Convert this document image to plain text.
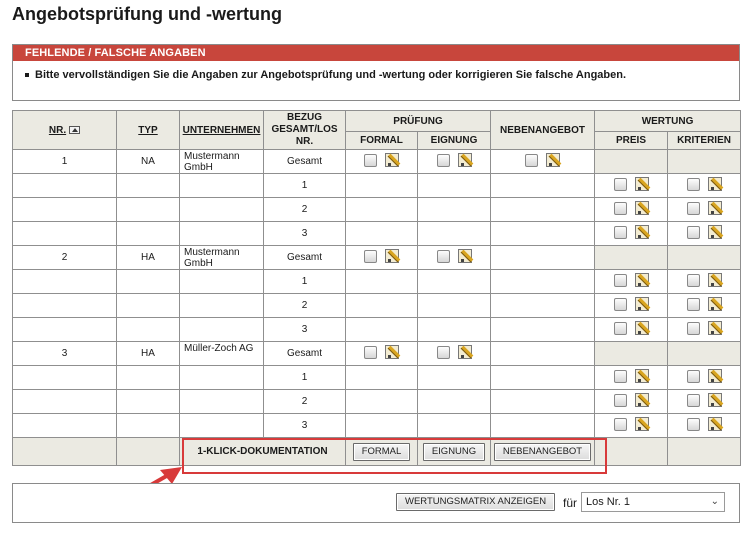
Angebotsprüfung und -wertung
FEHLENDE / FALSCHE ANGABEN
Bitte vervollständigen Sie die Angaben zur Angebotsprüfung und -wertung oder korrigieren Sie falsche Angaben.
NR.	TYP	UNTERNEHMEN	BEZUG GESAMT/LOS NR.	PRÜFUNG		NEBENANGEBOT	WERTUNG	
				FORMAL	EIGNUNG		PREIS	KRITERIEN
1	NA	Mustermann GmbH	Gesamt	

			1				

			2				

			3				

2	HA	Mustermann GmbH	Gesamt	

			1				

			2				

			3				

3	HA	Müller-Zoch AG	Gesamt	

			1				

			2				

			3				

		1-KLICK-DOKUMENTATION		FORMAL	EIGNUNG	NEBENANGEBOT		
WERTUNGSMATRIX ANZEIGEN	für Los Nr. 1	⌄
